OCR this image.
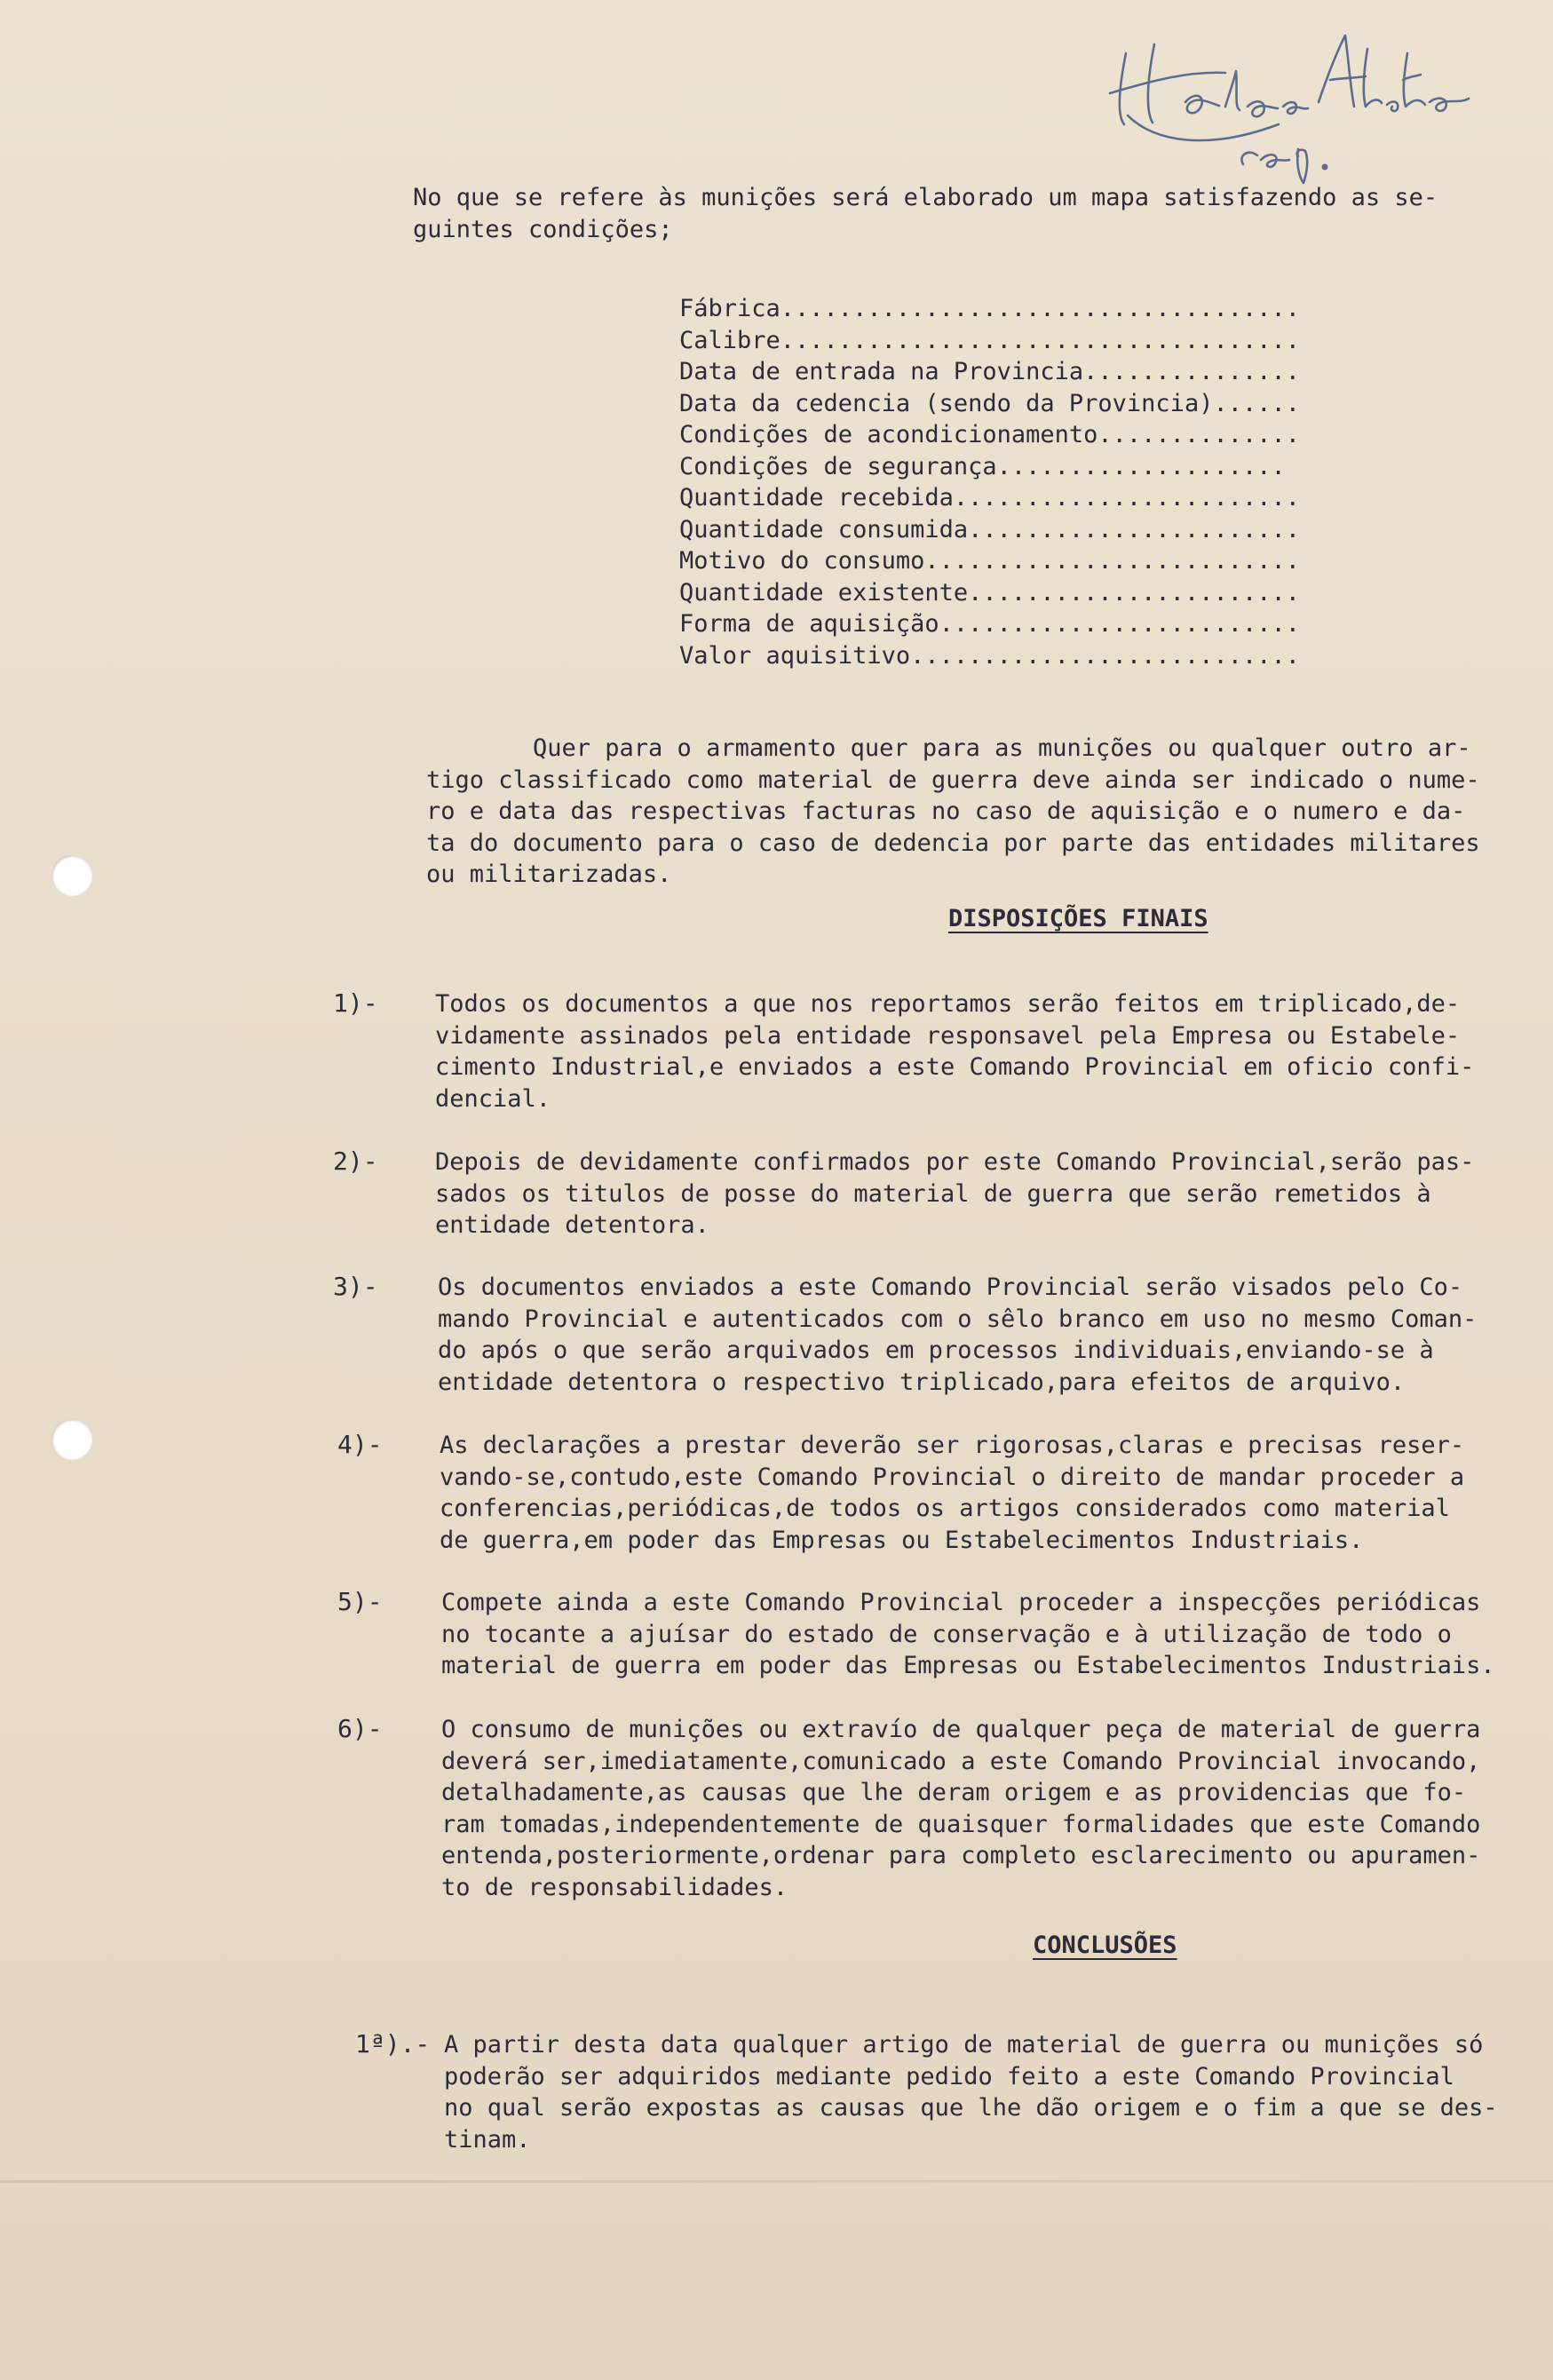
No que se refere às munições será elaborado um mapa satisfazendo as se-
guintes condições;
Fábrica....................................
Calibre....................................
Data de entrada na Provincia...............
Data da cedencia (sendo da Provincia)......
Condições de acondicionamento..............
Condições de segurança....................
Quantidade recebida........................
Quantidade consumida.......................
Motivo do consumo..........................
Quantidade existente.......................
Forma de aquisição.........................
Valor aquisitivo...........................
Quer para o armamento quer para as munições ou qualquer outro ar-
tigo classificado como material de guerra deve ainda ser indicado o nume-
ro e data das respectivas facturas no caso de aquisição e o numero e da-
ta do documento para o caso de dedencia por parte das entidades militares
ou militarizadas.
DISPOSIÇÕES FINAIS
1)- Todos os documentos a que nos reportamos serão feitos em triplicado,de-
vidamente assinados pela entidade responsavel pela Empresa ou Estabele-
cimento Industrial,e enviados a este Comando Provincial em oficio confi-
dencial.
2)- Depois de devidamente confirmados por este Comando Provincial,serão pas-
sados os titulos de posse do material de guerra que serão remetidos à
entidade detentora.
3)- Os documentos enviados a este Comando Provincial serão visados pelo Co-
mando Provincial e autenticados com o sêlo branco em uso no mesmo Coman-
do após o que serão arquivados em processos individuais,enviando-se à
entidade detentora o respectivo triplicado,para efeitos de arquivo.
4)- As declarações a prestar deverão ser rigorosas,claras e precisas reser-
vando-se,contudo,este Comando Provincial o direito de mandar proceder a
conferencias,periódicas,de todos os artigos considerados como material
de guerra,em poder das Empresas ou Estabelecimentos Industriais.
5)- Compete ainda a este Comando Provincial proceder a inspecções periódicas
no tocante a ajuísar do estado de conservação e à utilização de todo o
material de guerra em poder das Empresas ou Estabelecimentos Industriais.
6)- O consumo de munições ou extravío de qualquer peça de material de guerra
deverá ser,imediatamente,comunicado a este Comando Provincial invocando,
detalhadamente,as causas que lhe deram origem e as providencias que fo-
ram tomadas,independentemente de quaisquer formalidades que este Comando
entenda,posteriormente,ordenar para completo esclarecimento ou apuramen-
to de responsabilidades.
CONCLUSÕES
1ª).- A partir desta data qualquer artigo de material de guerra ou munições só
poderão ser adquiridos mediante pedido feito a este Comando Provincial
no qual serão expostas as causas que lhe dão origem e o fim a que se des-
tinam.
